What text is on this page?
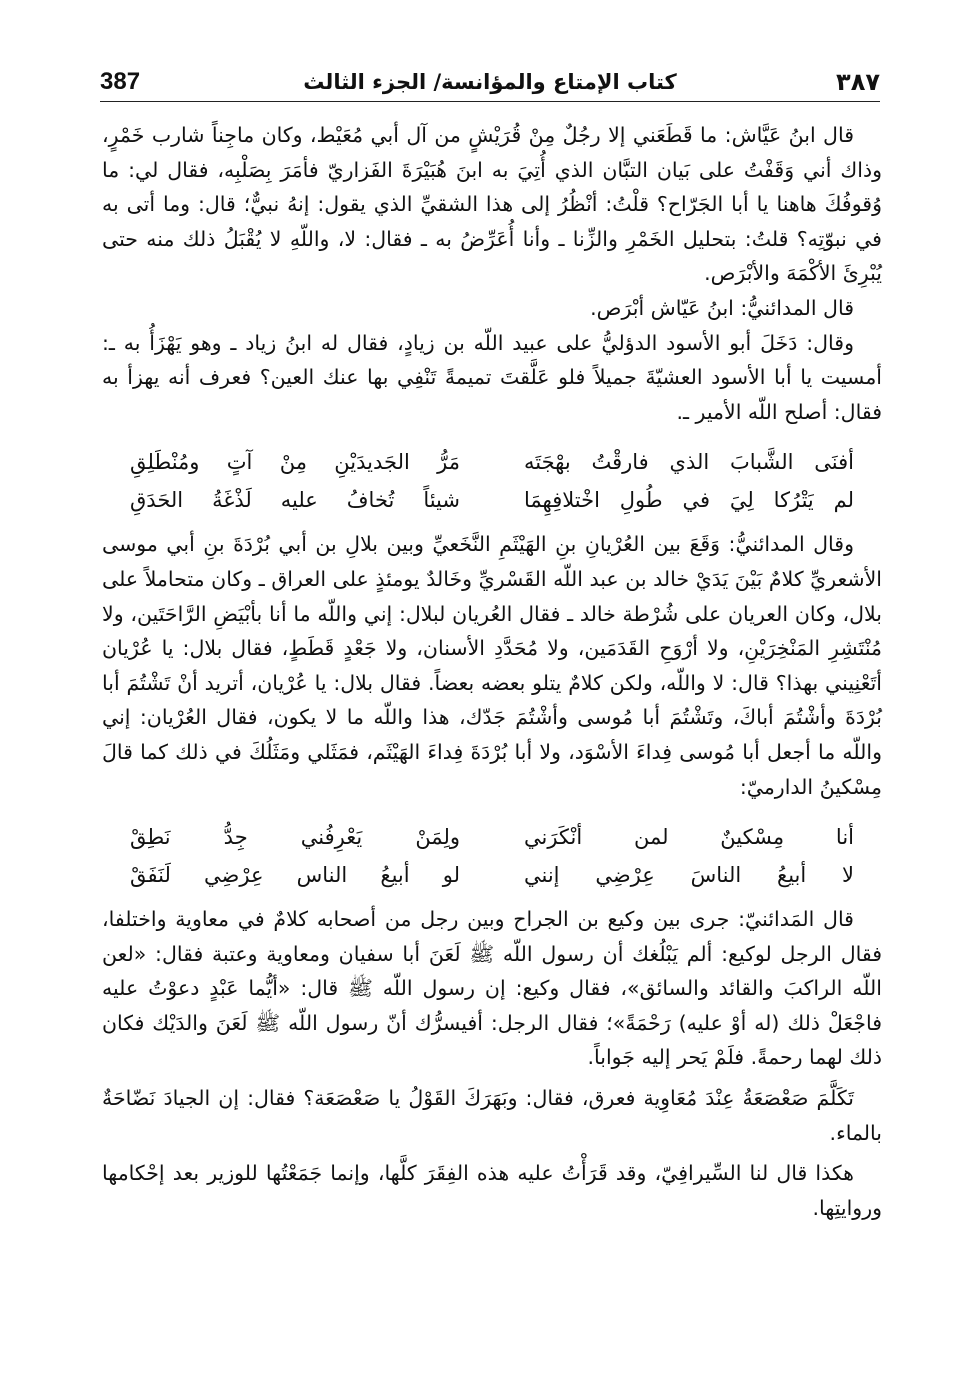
387	كتاب الإمتاع والمؤانسة/ الجزء الثالث	٣٨٧

قال ابنُ عَيَّاش: ما قَطَعَني إلا رجُلٌ مِنْ قُرَيْشٍ من آل أبي مُعَيْط، وكان ماجِناً شارب خَمْرٍ، وذاك أني وَقَفْتُ على بَيان التبَّان الذي أُتِيَ به ابنَ هُبَيْرَةَ الفَزاريّ فأمَرَ بِصَلْبِه، فقال لي: ما وُقوفُكَ هاهنا يا أبا الجَرّاح؟ قلْتُ: أنْظُرُ إلى هذا الشقيِّ الذي يقول: إنهُ نبيٌّ؛ قال: وما أتى به في نبوّتِه؟ قلتُ: بتحليل الخَمْرِ والزِّنا ـ وأنا أُعَرِّضُ به ـ فقال: لا، واللّهِ لا يُقْبَلُ ذلك منه حتى يُبْرِئَ الأكْمَهَ والأبْرَص.

قال المدائنيُّ: ابنُ عَيّاش أبْرَص.

وقال: دَخَلَ أبو الأسود الدؤليُّ على عبيد اللّه بن زيادٍ، فقال له ابنُ زياد ـ وهو يَهْزَأُ به ـ: أمسيت يا أبا الأسود العشيّةَ جميلاً فلو عَلَّقتَ تميمةً تَنْفِي بها عنك العين؟ فعرف أنه يهزأ به فقال: أصلح اللّه الأمير ـ.

أفنَى الشَّبابَ الذي فارقْتُ بهْجَتَه
مَرُّ الجَديدَيْنِ مِنْ آتٍ ومُنْطَلِقِ
لم يَتْرُكا لِيَ في طُولِ اخْتلافِهِمَا
شيئاً تُخافُ عليه لَذْغَةُ الحَدَقِ

وقال المدائنيُّ: وَقَعَ بين العُرْيانِ بنِ الهَيْثَمِ النَّخَعيِّ وبين بلالِ بن أبي بُرْدَةَ بنِ أبي موسى الأشعريِّ كلامٌ بَيْنَ يَدَيْ خالد بن عبد اللّه القَسْريِّ وخَالدٌ يومئذٍ على العراق ـ وكان متحاملاً على بلال، وكان العريان على شُرْطة خالد ـ فقال العُريان لبلال: إني واللّه ما أنا بأبْيَضِ الرَّاحَتَين، ولا مُنْتَشِرِ المَنْخِرَيْنِ، ولا أرْوَحِ القَدَمَين، ولا مُحَدَّدِ الأسنان، ولا جَعْدٍ قَطَطٍ، فقال بلال: يا عُرْيان أتَعْنِيني بهذا؟ قال: لا واللّه، ولكن كلامٌ يتلو بعضه بعضاً. فقال بلال: يا عُرْيان، أتريد أنْ تَشْتُمَ أبا بُرْدَةَ وأشْتُمَ أباكَ، وتَشْتُمَ أبا مُوسى وأشْتُمَ جَدّك، هذا واللّه ما لا يكون، فقال العُرْيان: إني واللّه ما أجعل أبا مُوسى فِداءَ الأسْوَد، ولا أبا بُرْدَةَ فِداءَ الهَيْثَم، فمَثَلي ومَثَلُكَ في ذلك كما قالَ مِسْكينُ الدارميّ:

أنا مِسْكينٌ لمن أنْكَرَني
ولِمَنْ يَعْرِفُني جِدُّ نَطِقْ
لا أبيعُ الناسَ عِرْضِي إنني
لو أبيعُ الناس عِرْضِي لَنَفَقْ

قال المَدائنيّ: جرى بين وكيع بن الجراح وبين رجل من أصحابه كلامٌ في معاوية واختلفا، فقال الرجل لوكيع: ألم يَبْلُغك أن رسول اللّه ﷺ لَعَنَ أبا سفيان ومعاوية وعتبة فقال: «لعن اللّه الراكبَ والقائد والسائق»، فقال وكيع: إن رسول اللّه ﷺ قال: «أيُّما عَبْدٍ دعوْتُ عليه فاجْعَلْ ذلك (له أوْ عليه) رَحْمَةً»؛ فقال الرجل: أفيسرُّك أنّ رسول اللّه ﷺ لَعَنَ والدَيْك فكان ذلك لهما رحمةً. فلَمْ يَحر إليه جَواباً.

تَكَلَّمَ صَعْصَعَةُ عِنْدَ مُعَاوِية فعرق، فقال: وبَهَرَكَ القَوْلُ يا صَعْصَعَة؟ فقال: إن الجيادَ نَضّاحَةٌ بالماء.

هكذا قال لنا السِّيرافِيّ، وقد قَرَأْتُ عليه هذه الفِقَرَ كلَّها، وإنما جَمَعْتُها للوزير بعد إحْكامها وروايتِها.
